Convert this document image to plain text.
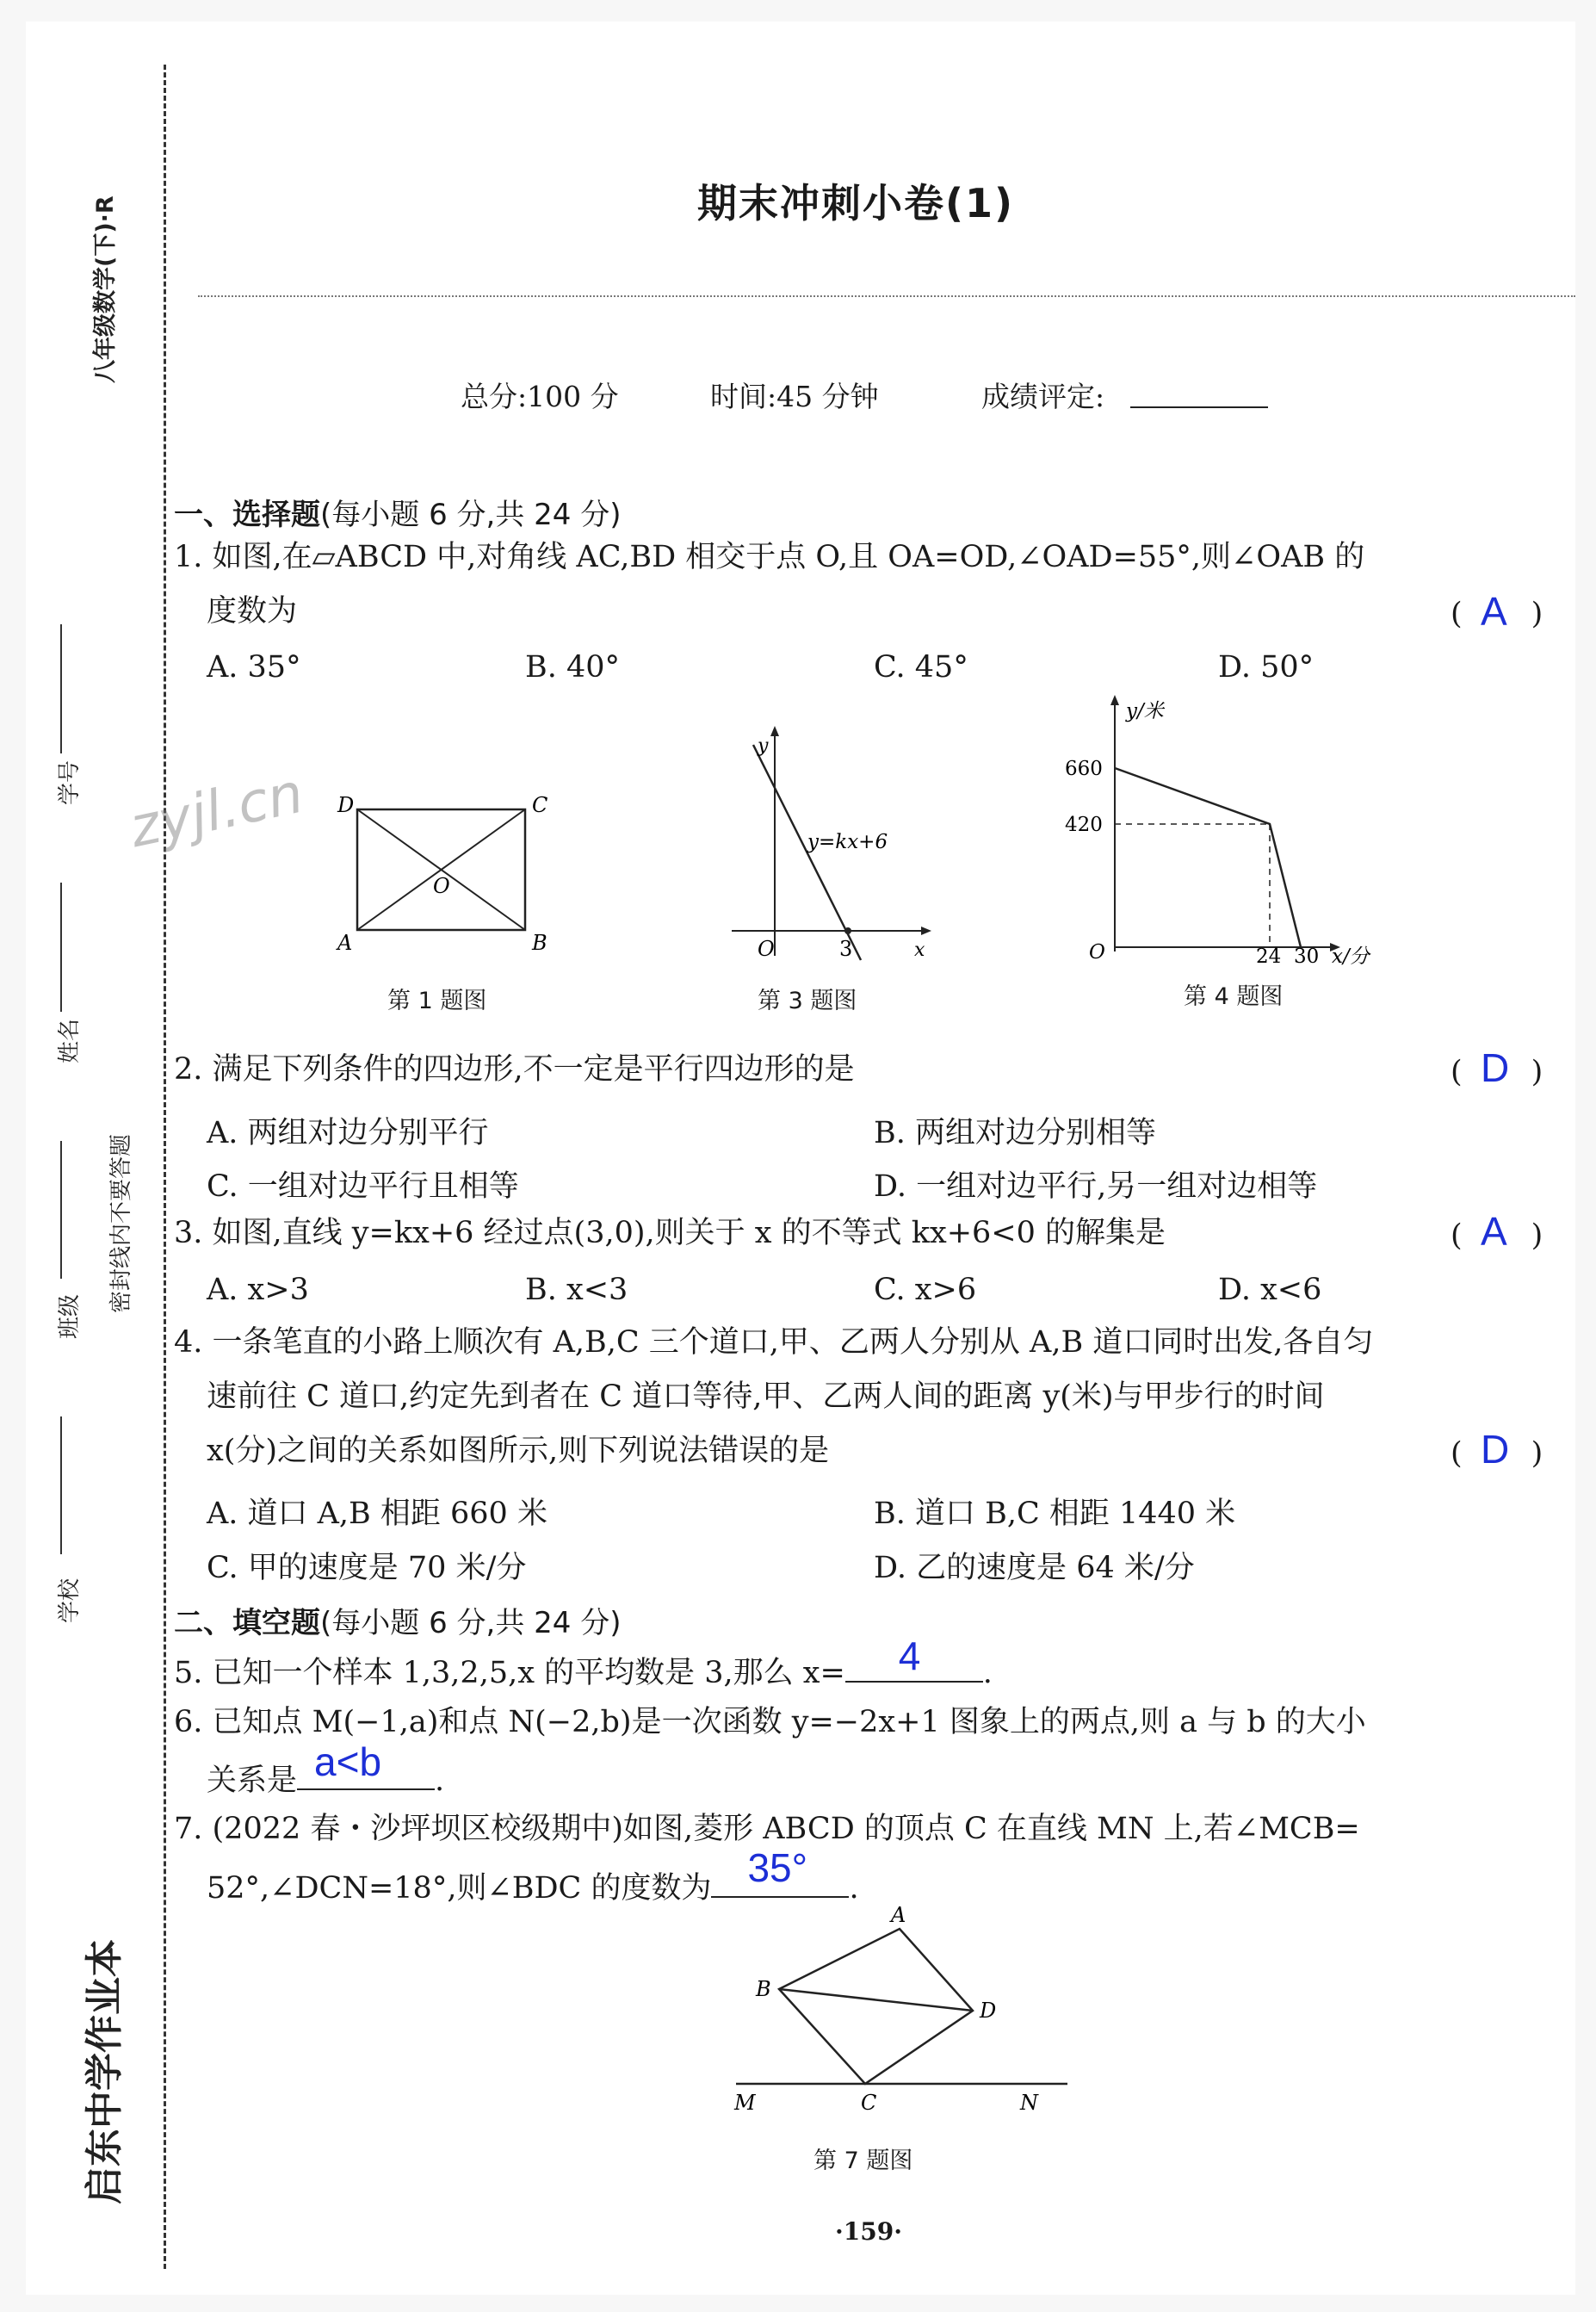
八年级数学(下)·R
学校
班级
姓名
学号
密封线内不要答题
启东中学作业本
zyjl.cn
期末冲刺小卷(1)
总分:100 分	时间:45 分钟	成绩评定:
一、选择题(每小题 6 分,共 24 分)
1. 如图,在▱ABCD 中,对角线 AC,BD 相交于点 O,且 OA=OD,∠OAD=55°,则∠OAB 的
度数为	( )
A
A. 35°	B. 40°	C. 45°	D. 50°
D	C
A	B
O
第 1 题图
y
x
O	3
y=kx+6
第 3 题图
y/米
660
420
O	24 30 x/分
第 4 题图
2. 满足下列条件的四边形,不一定是平行四边形的是	( )
D
A. 两组对边分别平行	B. 两组对边分别相等
C. 一组对边平行且相等	D. 一组对边平行,另一组对边相等
3. 如图,直线 y=kx+6 经过点(3,0),则关于 x 的不等式 kx+6<0 的解集是	( )
A
A. x>3	B. x<3	C. x>6	D. x<6
4. 一条笔直的小路上顺次有 A,B,C 三个道口,甲、乙两人分别从 A,B 道口同时出发,各自匀
速前往 C 道口,约定先到者在 C 道口等待,甲、乙两人间的距离 y(米)与甲步行的时间
x(分)之间的关系如图所示,则下列说法错误的是	( )
D
A. 道口 A,B 相距 660 米	B. 道口 B,C 相距 1440 米
C. 甲的速度是 70 米/分	D. 乙的速度是 64 米/分
二、填空题(每小题 6 分,共 24 分)
5. 已知一个样本 1,3,2,5,x 的平均数是 3,那么 x= 4 .
6. 已知点 M(−1,a)和点 N(−2,b)是一次函数 y=−2x+1 图象上的两点,则 a 与 b 的大小
关系是 a<b .
7. (2022 春・沙坪坝区校级期中)如图,菱形 ABCD 的顶点 C 在直线 MN 上,若∠MCB=
52°,∠DCN=18°,则∠BDC 的度数为 35° .
A
B
D
M	C	N
第 7 题图
·159·
